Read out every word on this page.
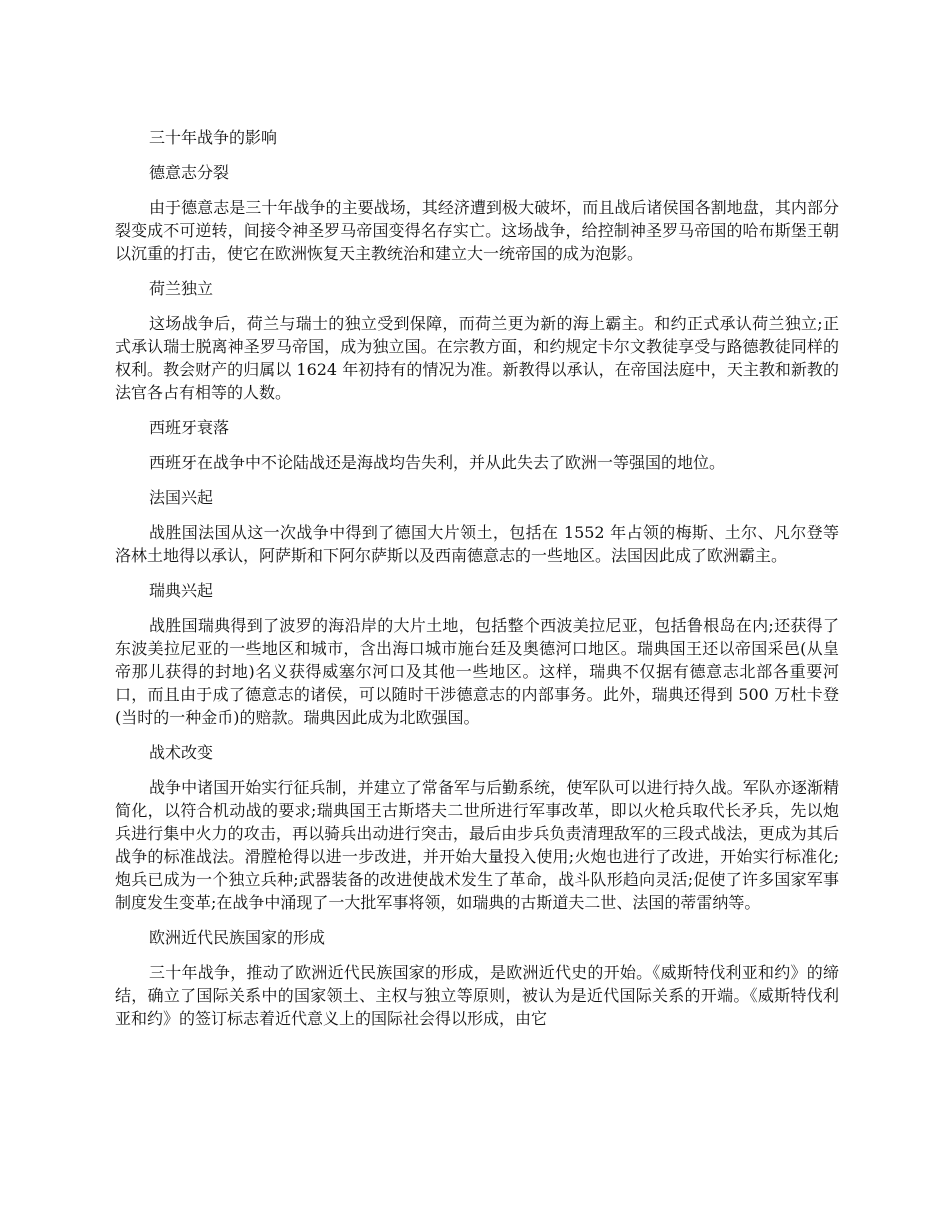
三十年战争的影响

德意志分裂

由于德意志是三十年战争的主要战场，其经济遭到极大破坏，而且战后诸侯国各割地盘，其内部分裂变成不可逆转，间接令神圣罗马帝国变得名存实亡。这场战争，给控制神圣罗马帝国的哈布斯堡王朝以沉重的打击，使它在欧洲恢复天主教统治和建立大一统帝国的成为泡影。

荷兰独立

这场战争后，荷兰与瑞士的独立受到保障，而荷兰更为新的海上霸主。和约正式承认荷兰独立;正式承认瑞士脱离神圣罗马帝国，成为独立国。在宗教方面，和约规定卡尔文教徒享受与路德教徒同样的权利。教会财产的归属以 1624 年初持有的情况为准。新教得以承认，在帝国法庭中，天主教和新教的法官各占有相等的人数。

西班牙衰落

西班牙在战争中不论陆战还是海战均告失利，并从此失去了欧洲一等强国的地位。

法国兴起

战胜国法国从这一次战争中得到了德国大片领土，包括在 1552 年占领的梅斯、土尔、凡尔登等洛林土地得以承认，阿萨斯和下阿尔萨斯以及西南德意志的一些地区。法国因此成了欧洲霸主。

瑞典兴起

战胜国瑞典得到了波罗的海沿岸的大片土地，包括整个西波美拉尼亚，包括鲁根岛在内;还获得了东波美拉尼亚的一些地区和城市，含出海口城市施台廷及奥德河口地区。瑞典国王还以帝国采邑(从皇帝那儿获得的封地)名义获得威塞尔河口及其他一些地区。这样，瑞典不仅据有德意志北部各重要河口，而且由于成了德意志的诸侯，可以随时干涉德意志的内部事务。此外，瑞典还得到 500 万杜卡登(当时的一种金币)的赔款。瑞典因此成为北欧强国。

战术改变

战争中诸国开始实行征兵制，并建立了常备军与后勤系统，使军队可以进行持久战。军队亦逐渐精简化，以符合机动战的要求;瑞典国王古斯塔夫二世所进行军事改革，即以火枪兵取代长矛兵，先以炮兵进行集中火力的攻击，再以骑兵出动进行突击，最后由步兵负责清理敌军的三段式战法，更成为其后战争的标准战法。滑膛枪得以进一步改进，并开始大量投入使用;火炮也进行了改进，开始实行标准化;炮兵已成为一个独立兵种;武器装备的改进使战术发生了革命，战斗队形趋向灵活;促使了许多国家军事制度发生变革;在战争中涌现了一大批军事将领，如瑞典的古斯道夫二世、法国的蒂雷纳等。

欧洲近代民族国家的形成

三十年战争，推动了欧洲近代民族国家的形成，是欧洲近代史的开始。《威斯特伐利亚和约》的缔结，确立了国际关系中的国家领土、主权与独立等原则，被认为是近代国际关系的开端。《威斯特伐利亚和约》的签订标志着近代意义上的国际社会得以形成，由它
